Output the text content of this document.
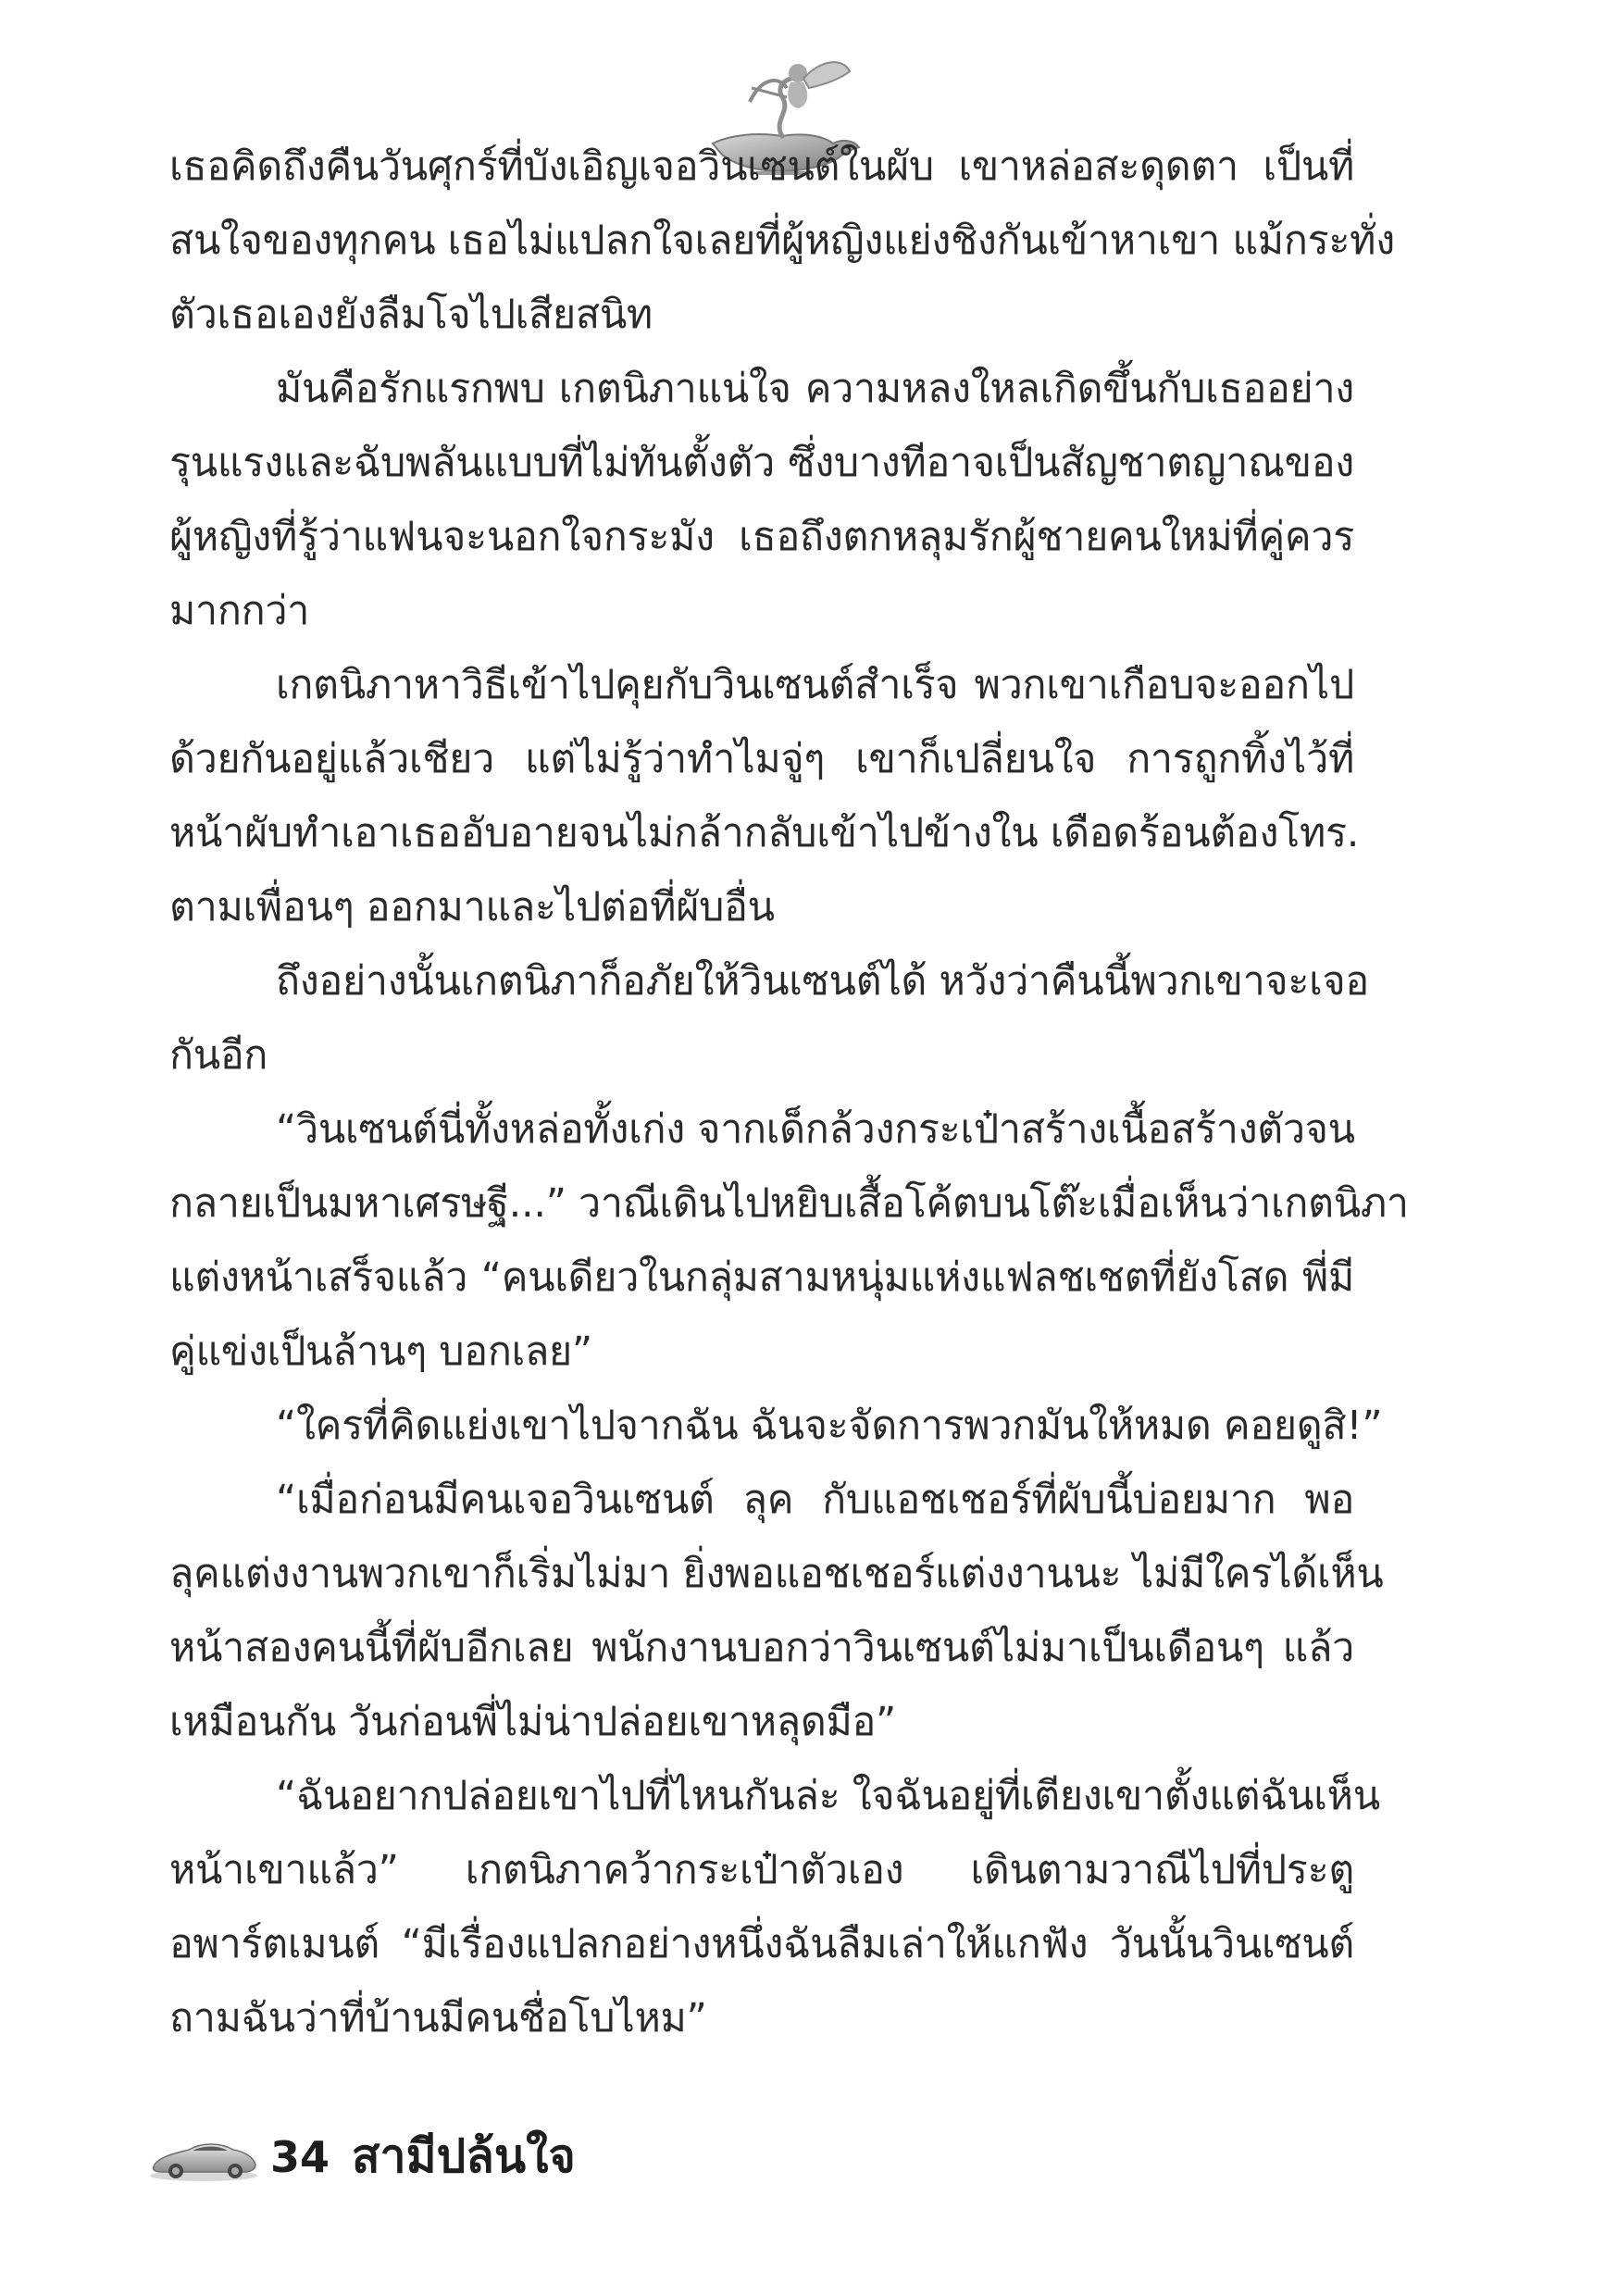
เธอคิดถึงคืนวันศุกร์ที่บังเอิญเจอวินเซนต์ในผับ เขาหล่อสะดุดตา เป็นที่
สนใจของทุกคน เธอไม่แปลกใจเลยที่ผู้หญิงแย่งชิงกันเข้าหาเขา แม้กระทั่ง
ตัวเธอเองยังลืมโจไปเสียสนิท
มันคือรักแรกพบ เกตนิภาแน่ใจ ความหลงใหลเกิดขึ้นกับเธออย่าง
รุนแรงและฉับพลันแบบที่ไม่ทันตั้งตัว ซึ่งบางทีอาจเป็นสัญชาตญาณของ
ผู้หญิงที่รู้ว่าแฟนจะนอกใจกระมัง เธอถึงตกหลุมรักผู้ชายคนใหม่ที่คู่ควร
มากกว่า
เกตนิภาหาวิธีเข้าไปคุยกับวินเซนต์สำเร็จ พวกเขาเกือบจะออกไป
ด้วยกันอยู่แล้วเชียว แต่ไม่รู้ว่าทำไมจู่ๆ เขาก็เปลี่ยนใจ การถูกทิ้งไว้ที่
หน้าผับทำเอาเธออับอายจนไม่กล้ากลับเข้าไปข้างใน เดือดร้อนต้องโทร.
ตามเพื่อนๆ ออกมาและไปต่อที่ผับอื่น
ถึงอย่างนั้นเกตนิภาก็อภัยให้วินเซนต์ได้ หวังว่าคืนนี้พวกเขาจะเจอ
กันอีก
“วินเซนต์นี่ทั้งหล่อทั้งเก่ง จากเด็กล้วงกระเป๋าสร้างเนื้อสร้างตัวจน
กลายเป็นมหาเศรษฐี...” วาณีเดินไปหยิบเสื้อโค้ตบนโต๊ะเมื่อเห็นว่าเกตนิภา
แต่งหน้าเสร็จแล้ว “คนเดียวในกลุ่มสามหนุ่มแห่งแฟลชเชตที่ยังโสด พี่มี
คู่แข่งเป็นล้านๆ บอกเลย”
“ใครที่คิดแย่งเขาไปจากฉัน ฉันจะจัดการพวกมันให้หมด คอยดูสิ!”
“เมื่อก่อนมีคนเจอวินเซนต์ ลุค กับแอชเชอร์ที่ผับนี้บ่อยมาก พอ
ลุคแต่งงานพวกเขาก็เริ่มไม่มา ยิ่งพอแอชเชอร์แต่งงานนะ ไม่มีใครได้เห็น
หน้าสองคนนี้ที่ผับอีกเลย พนักงานบอกว่าวินเซนต์ไม่มาเป็นเดือนๆ แล้ว
เหมือนกัน วันก่อนพี่ไม่น่าปล่อยเขาหลุดมือ”
“ฉันอยากปล่อยเขาไปที่ไหนกันล่ะ ใจฉันอยู่ที่เตียงเขาตั้งแต่ฉันเห็น
หน้าเขาแล้ว” เกตนิภาคว้ากระเป๋าตัวเอง เดินตามวาณีไปที่ประตู
อพาร์ตเมนต์ “มีเรื่องแปลกอย่างหนึ่งฉันลืมเล่าให้แกฟัง วันนั้นวินเซนต์
ถามฉันว่าที่บ้านมีคนชื่อโบไหม”
34 สามีปล้นใจ
